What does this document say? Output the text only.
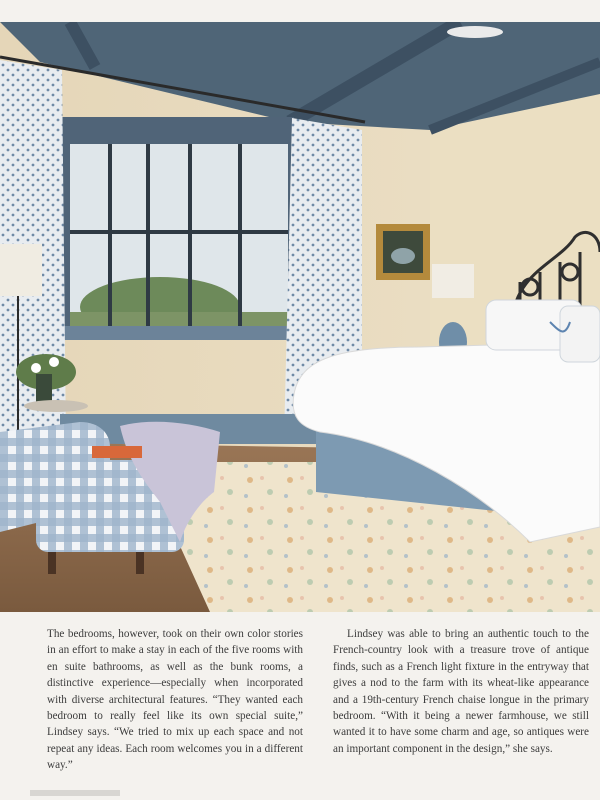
The bedrooms, however, took on their own color stories in an effort to make a stay in each of the five rooms with en suite bathrooms, as well as the bunk rooms, a distinctive experience—especially when incorporated with diverse architectural features. “They wanted each bedroom to really feel like its own special suite,” Lindsey says. “We tried to mix up each space and not repeat any ideas. Each room welcomes you in a different way.”

Lindsey was able to bring an authentic touch to the French-country look with a treasure trove of antique finds, such as a French light fixture in the entryway that gives a nod to the farm with its wheat-like appearance and a 19th-century French chaise longue in the primary bedroom. “With it being a newer farmhouse, we still wanted it to have some charm and age, so antiques were an important component in the design,” she says.
